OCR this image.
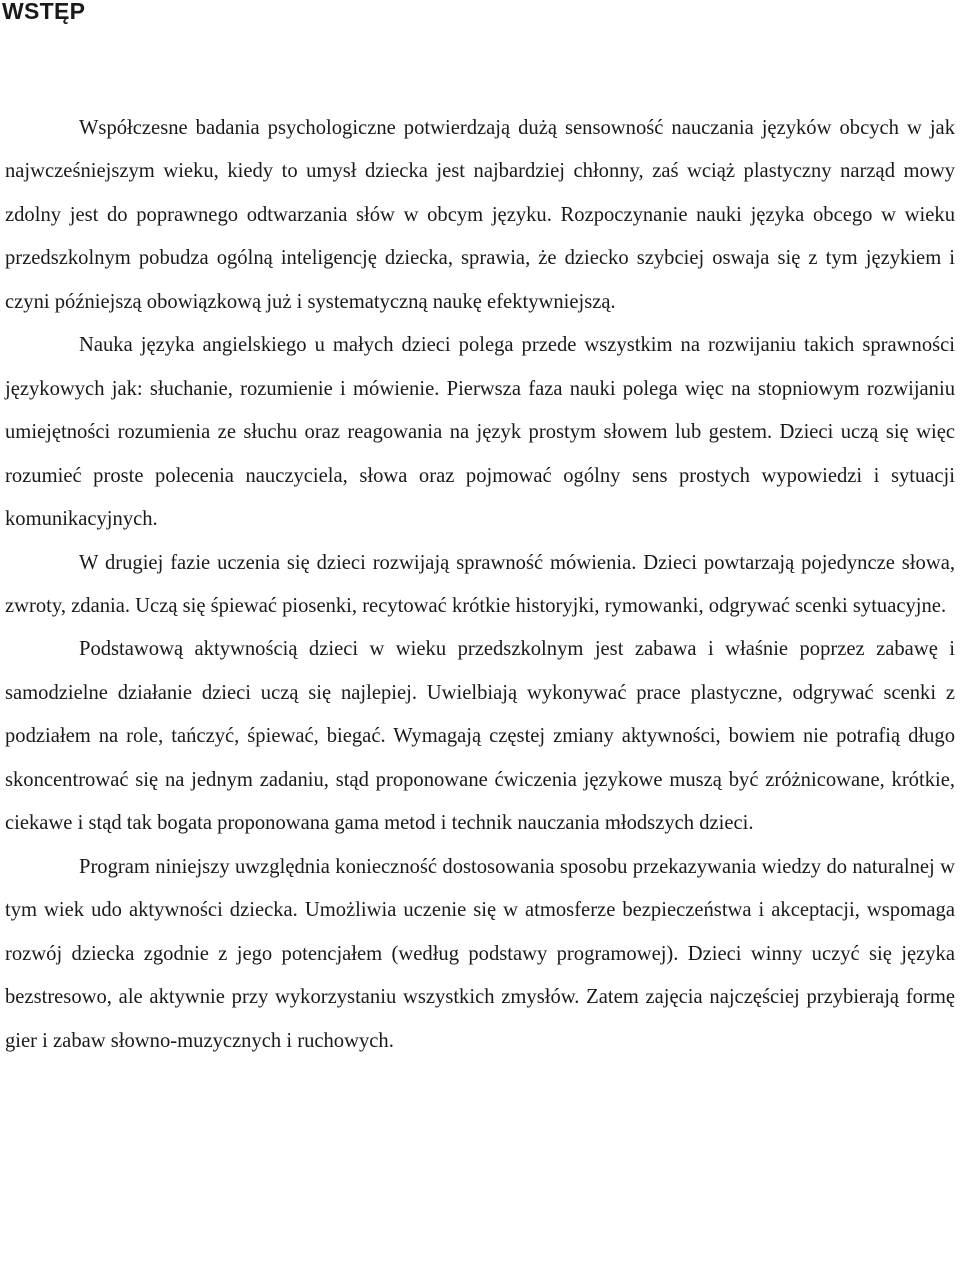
WSTĘP

Współczesne badania psychologiczne potwierdzają dużą sensowność nauczania języków obcych w jak najwcześniejszym wieku, kiedy to umysł dziecka jest najbardziej chłonny, zaś wciąż plastyczny narząd mowy zdolny jest do poprawnego odtwarzania słów w obcym języku. Rozpoczynanie nauki języka obcego w wieku przedszkolnym pobudza ogólną inteligencję dziecka, sprawia, że dziecko szybciej oswaja się z tym językiem i czyni późniejszą obowiązkową już i systematyczną naukę efektywniejszą.

Nauka języka angielskiego u małych dzieci polega przede wszystkim na rozwijaniu takich sprawności językowych jak: słuchanie, rozumienie i mówienie. Pierwsza faza nauki polega więc na stopniowym rozwijaniu umiejętności rozumienia ze słuchu oraz reagowania na język prostym słowem lub gestem. Dzieci uczą się więc rozumieć proste polecenia nauczyciela, słowa oraz pojmować ogólny sens prostych wypowiedzi i sytuacji komunikacyjnych.

W drugiej fazie uczenia się dzieci rozwijają sprawność mówienia. Dzieci powtarzają pojedyncze słowa, zwroty, zdania. Uczą się śpiewać piosenki, recytować krótkie historyjki, rymowanki, odgrywać scenki sytuacyjne.

Podstawową aktywnością dzieci w wieku przedszkolnym jest zabawa i właśnie poprzez zabawę i samodzielne działanie dzieci uczą się najlepiej. Uwielbiają wykonywać prace plastyczne, odgrywać scenki z podziałem na role, tańczyć, śpiewać, biegać. Wymagają częstej zmiany aktywności, bowiem nie potrafią długo skoncentrować się na jednym zadaniu, stąd proponowane ćwiczenia językowe muszą być zróżnicowane, krótkie, ciekawe i stąd tak bogata proponowana gama metod i technik nauczania młodszych dzieci.

Program niniejszy uwzględnia konieczność dostosowania sposobu przekazywania wiedzy do naturalnej w tym wiek udo aktywności dziecka. Umożliwia uczenie się w atmosferze bezpieczeństwa i akceptacji, wspomaga rozwój dziecka zgodnie z jego potencjałem (według podstawy programowej). Dzieci winny uczyć się języka bezstresowo, ale aktywnie przy wykorzystaniu wszystkich zmysłów. Zatem zajęcia najczęściej przybierają formę gier i zabaw słowno-muzycznych i ruchowych.
